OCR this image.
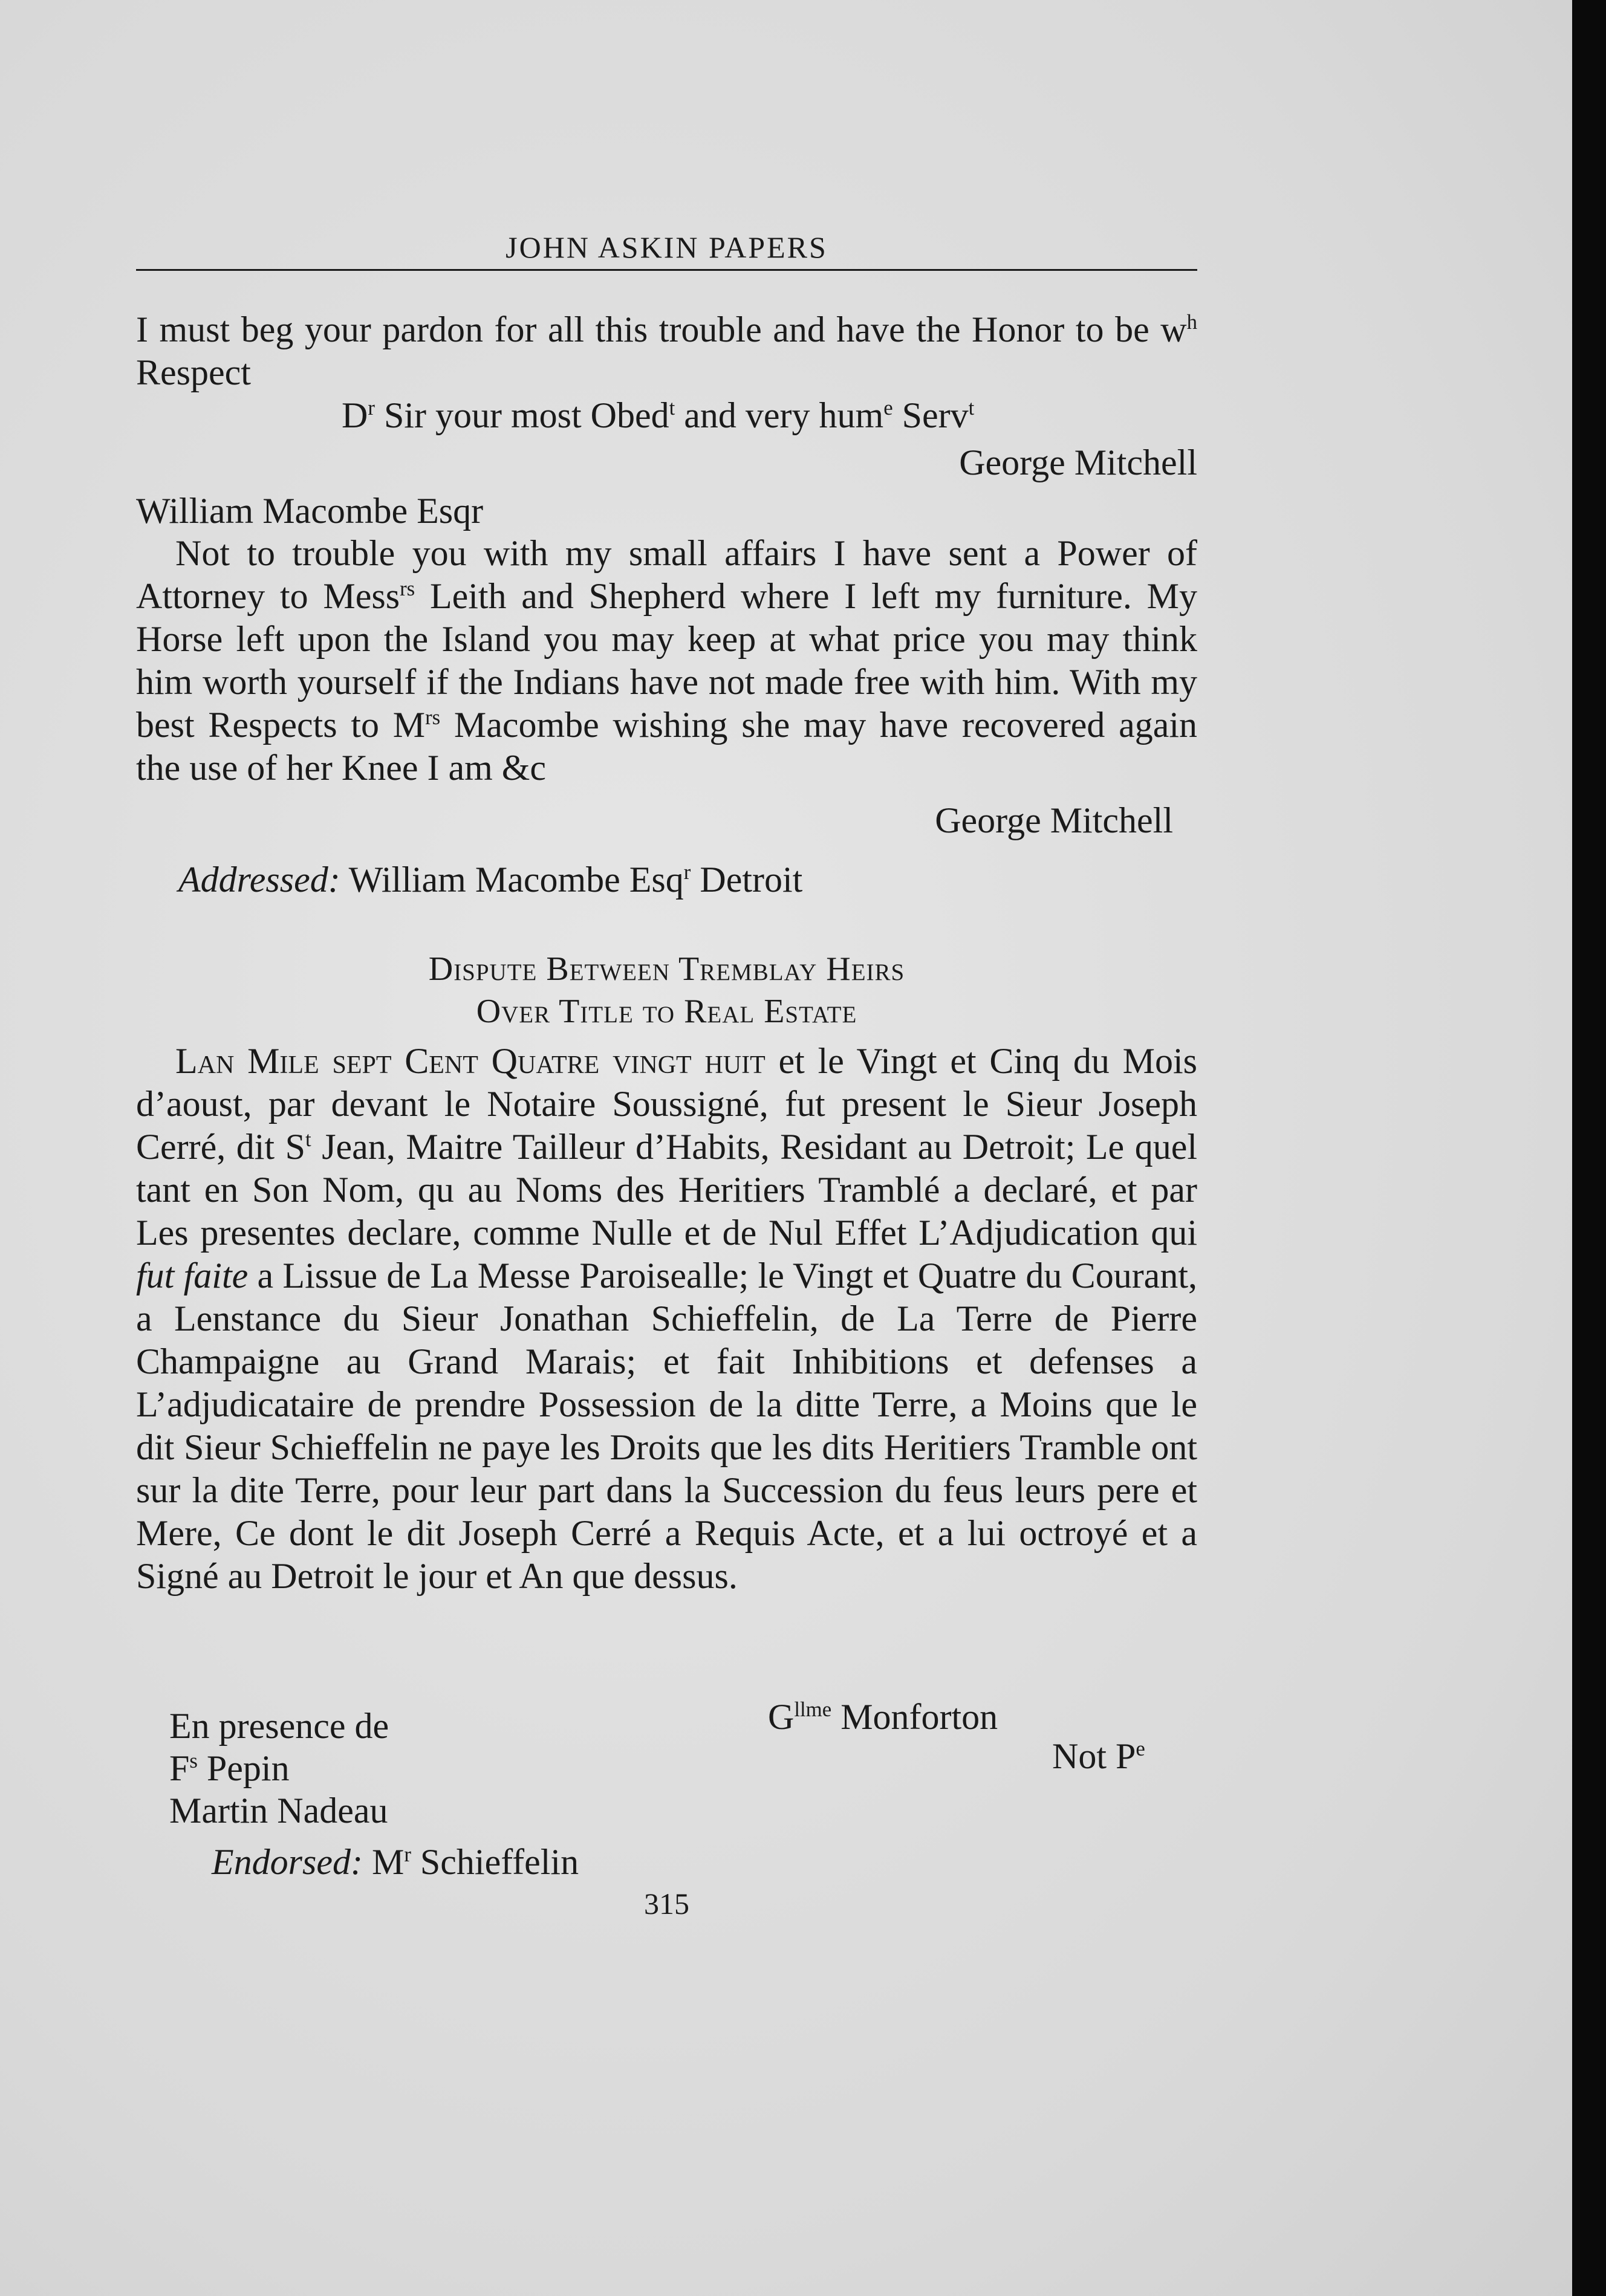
JOHN ASKIN PAPERS
I must beg your pardon for all this trouble and have the Honor to be $w^h$ Respect
$D^r$ Sir your most Obed$^t$ and very hum$^e$ Serv$^t$
George Mitchell
William Macombe Esqr
Not to trouble you with my small affairs I have sent a Power of Attorney to Mess$^{rs}$ Leith and Shepherd where I left my furniture. My Horse left upon the Island you may keep at what price you may think him worth yourself if the Indians have not made free with him. With my best Respects to $M^{rs}$ Macombe wishing she may have recovered again the use of her Knee I am &c
George Mitchell
Addressed: William Macombe Esq$^r$ Detroit
Dispute Between Tremblay Heirs
Over Title to Real Estate
Lan Mile sept Cent Quatre vingt huit et le Vingt et Cinq du Mois d’aoust, par devant le Notaire Soussigné, fut present le Sieur Joseph Cerré, dit $S^t$ Jean, Maitre Tailleur d’Habits, Residant au Detroit; Le quel tant en Son Nom, qu au Noms des Heritiers Tramblé a declaré, et par Les presentes declare, comme Nulle et de Nul Effet L’Adjudication qui fut faite a Lissue de La Messe Paroisealle; le Vingt et Quatre du Courant, a Lenstance du Sieur Jonathan Schieffelin, de La Terre de Pierre Champaigne au Grand Marais; et fait Inhibitions et defenses a L’adjudicataire de prendre Possession de la ditte Terre, a Moins que le dit Sieur Schieffelin ne paye les Droits que les dits Heritiers Tramble ont sur la dite Terre, pour leur part dans la Succession du feus leurs pere et Mere, Ce dont le dit Joseph Cerré a Requis Acte, et a lui octroyé et a Signé au Detroit le jour et An que dessus.
En presence de
$F^s$ Pepin
Martin Nadeau
$G^{llme}$ Monforton
Not $P^e$
Endorsed: $M^r$ Schieffelin
315
